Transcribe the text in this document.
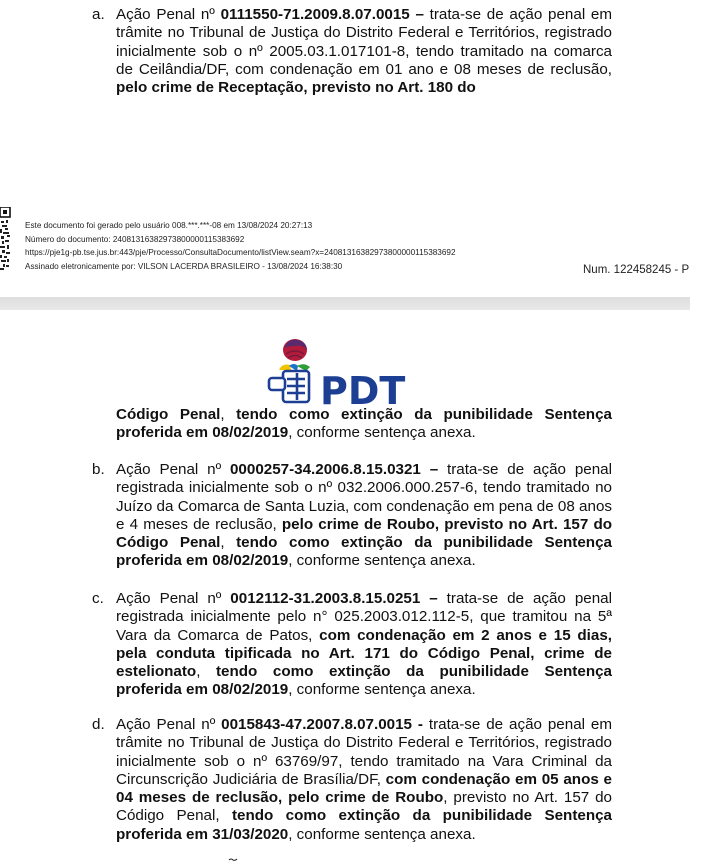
a. Ação Penal nº 0111550-71.2009.8.07.0015 – trata-se de ação penal em trâmite no Tribunal de Justiça do Distrito Federal e Territórios, registrado inicialmente sob o nº 2005.03.1.017101-8, tendo tramitado na comarca de Ceilândia/DF, com condenação em 01 ano e 08 meses de reclusão, pelo crime de Receptação, previsto no Art. 180 do
Este documento foi gerado pelo usuário 008.***.***-08 em 13/08/2024 20:27:13
Número do documento: 24081316382973800000115383692
https://pje1g-pb.tse.jus.br:443/pje/Processo/ConsultaDocumento/listView.seam?x=24081316382973800000115383692
Assinado eletronicamente por: VILSON LACERDA BRASILEIRO - 13/08/2024 16:38:30	Num. 122458245 - P
PDT
Código Penal, tendo como extinção da punibilidade Sentença proferida em 08/02/2019, conforme sentença anexa.
b. Ação Penal nº 0000257-34.2006.8.15.0321 – trata-se de ação penal registrada inicialmente sob o nº 032.2006.000.257-6, tendo tramitado no Juízo da Comarca de Santa Luzia, com condenação em pena de 08 anos e 4 meses de reclusão, pelo crime de Roubo, previsto no Art. 157 do Código Penal, tendo como extinção da punibilidade Sentença proferida em 08/02/2019, conforme sentença anexa.
c. Ação Penal nº 0012112-31.2003.8.15.0251 – trata-se de ação penal registrada inicialmente pelo n° 025.2003.012.112-5, que tramitou na 5ª Vara da Comarca de Patos, com condenação em 2 anos e 15 dias, pela conduta tipificada no Art. 171 do Código Penal, crime de estelionato, tendo como extinção da punibilidade Sentença proferida em 08/02/2019, conforme sentença anexa.
d. Ação Penal nº 0015843-47.2007.8.07.0015 - trata-se de ação penal em trâmite no Tribunal de Justiça do Distrito Federal e Territórios, registrado inicialmente sob o nº 63769/97, tendo tramitado na Vara Criminal da Circunscrição Judiciária de Brasília/DF, com condenação em 05 anos e 04 meses de reclusão, pelo crime de Roubo, previsto no Art. 157 do Código Penal, tendo como extinção da punibilidade Sentença proferida em 31/03/2020, conforme sentença anexa.
